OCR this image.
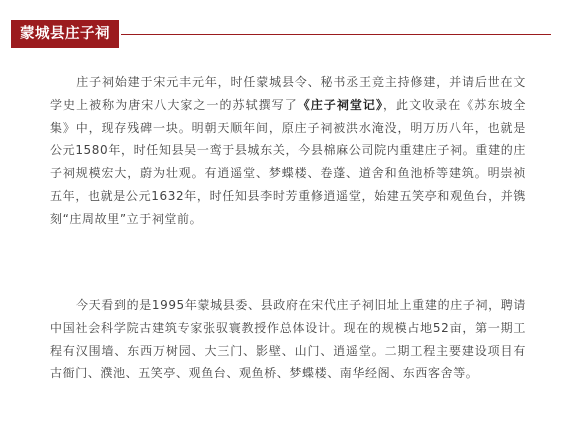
蒙城县庄子祠

庄子祠始建于宋元丰元年，时任蒙城县令、秘书丞王竞主持修建，并请后世在文学史上被称为唐宋八大家之一的苏轼撰写了《庄子祠堂记》，此文收录在《苏东坡全集》中，现存残碑一块。明朝天顺年间，原庄子祠被洪水淹没，明万历八年，也就是公元1580年，时任知县吴一鸾于县城东关，今县棉麻公司院内重建庄子祠。重建的庄子祠规模宏大，蔚为壮观。有逍遥堂、梦蝶楼、卷蓬、道舍和鱼池桥等建筑。明崇祯五年，也就是公元1632年，时任知县李时芳重修逍遥堂，始建五笑亭和观鱼台，并镌刻“庄周故里”立于祠堂前。

今天看到的是1995年蒙城县委、县政府在宋代庄子祠旧址上重建的庄子祠，聘请中国社会科学院古建筑专家张驭寰教授作总体设计。现在的规模占地52亩，第一期工程有汉围墙、东西万树园、大三门、影壁、山门、逍遥堂。二期工程主要建设项目有古衙门、濮池、五笑亭、观鱼台、观鱼桥、梦蝶楼、南华经阁、东西客舍等。
